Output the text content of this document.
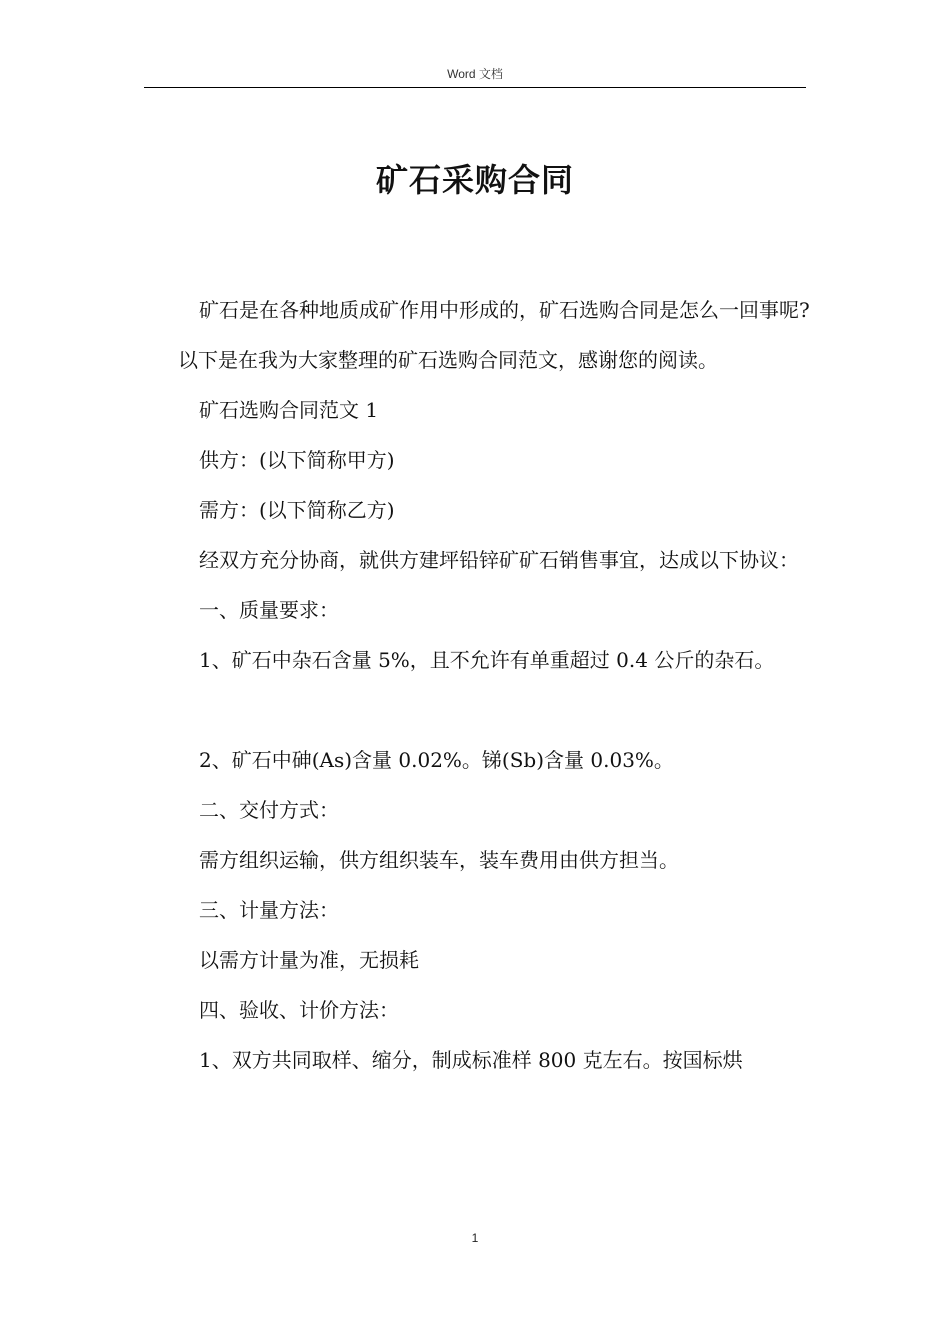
Word 文档
矿石采购合同

矿石是在各种地质成矿作用中形成的，矿石选购合同是怎么一回事呢?以下是在我为大家整理的矿石选购合同范文，感谢您的阅读。

矿石选购合同范文 1

供方：(以下简称甲方)

需方：(以下简称乙方)

经双方充分协商，就供方建坪铅锌矿矿石销售事宜，达成以下协议：

一、质量要求：

1、矿石中杂石含量 5%，且不允许有单重超过 0.4 公斤的杂石。

2、矿石中砷(As)含量 0.02%。锑(Sb)含量 0.03%。

二、交付方式：

需方组织运输，供方组织装车，装车费用由供方担当。

三、计量方法：

以需方计量为准，无损耗

四、验收、计价方法：

1、双方共同取样、缩分，制成标准样 800 克左右。按国标烘

1
